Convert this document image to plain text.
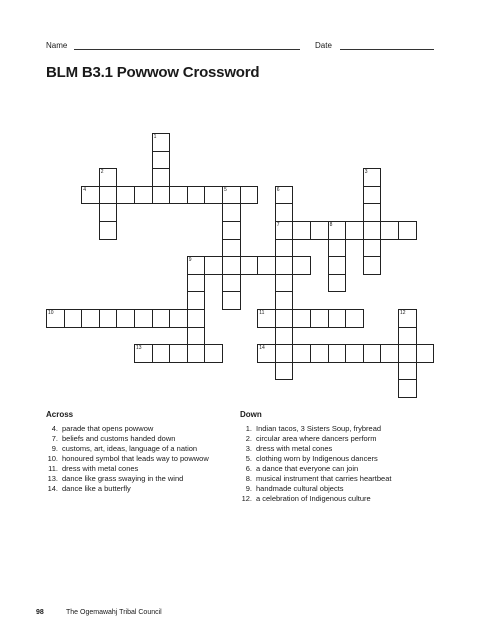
Name	Date
BLM B3.1 Powwow Crossword
1
2	3
4	5	6
7	8
9
10	11	12
13	14
Across
4. parade that opens powwow
7. beliefs and customs handed down
9. customs, art, ideas, language of a nation
10. honoured symbol that leads way to powwow
11. dress with metal cones
13. dance like grass swaying in the wind
14. dance like a butterfly
Down
1. Indian tacos, 3 Sisters Soup, frybread
2. circular area where dancers perform
3. dress with metal cones
5. clothing worn by Indigenous dancers
6. a dance that everyone can join
8. musical instrument that carries heartbeat
9. handmade cultural objects
12. a celebration of Indigenous culture
98	The Ogemawahj Tribal Council
